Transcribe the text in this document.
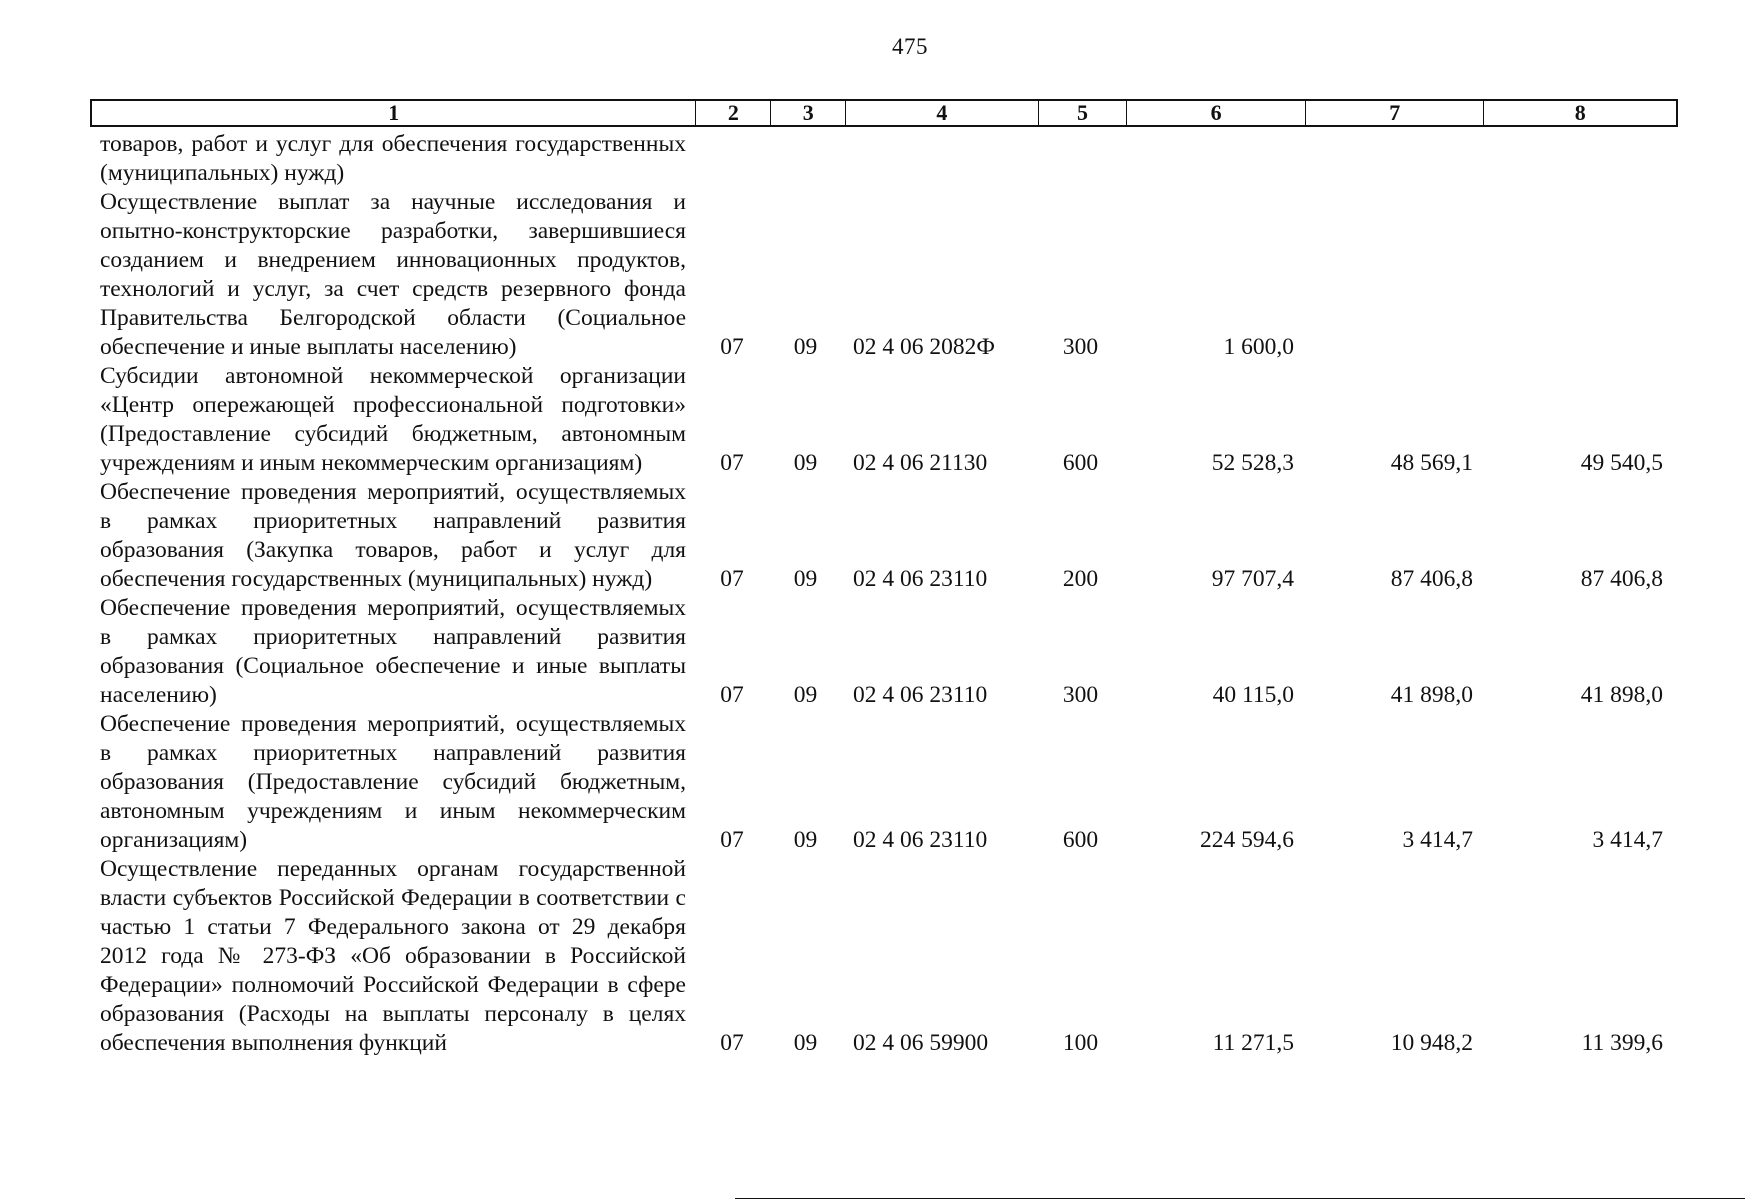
475
1	2	3	4	5	6	7	8
товаров, работ и услуг для обеспечения государственных (муниципальных) нужд)
Осуществление выплат за научные исследования и опытно-конструкторские разработки, завершившиеся созданием и внедрением инновационных продуктов, технологий и услуг, за счет средств резервного фонда Правительства Белгородской области (Социальное обеспечение и иные выплаты населению)	07	09	02 4 06 2082Ф	300	1 600,0
Субсидии автономной некоммерческой организации «Центр опережающей профессиональной подготовки» (Предоставление субсидий бюджетным, автономным учреждениям и иным некоммерческим организациям)	07	09	02 4 06 21130	600	52 528,3	48 569,1	49 540,5
Обеспечение проведения мероприятий, осуществляемых в рамках приоритетных направлений развития образования (Закупка товаров, работ и услуг для обеспечения государственных (муниципальных) нужд)	07	09	02 4 06 23110	200	97 707,4	87 406,8	87 406,8
Обеспечение проведения мероприятий, осуществляемых в рамках приоритетных направлений развития образования (Социальное обеспечение и иные выплаты населению)	07	09	02 4 06 23110	300	40 115,0	41 898,0	41 898,0
Обеспечение проведения мероприятий, осуществляемых в рамках приоритетных направлений развития образования (Предоставление субсидий бюджетным, автономным учреждениям и иным некоммерческим организациям)	07	09	02 4 06 23110	600	224 594,6	3 414,7	3 414,7
Осуществление переданных органам государственной власти субъектов Российской Федерации в соответствии с частью 1 статьи 7 Федерального закона от 29 декабря 2012 года № 273-ФЗ «Об образовании в Российской Федерации» полномочий Российской Федерации в сфере образования (Расходы на выплаты персоналу в целях обеспечения выполнения функций	07	09	02 4 06 59900	100	11 271,5	10 948,2	11 399,6
